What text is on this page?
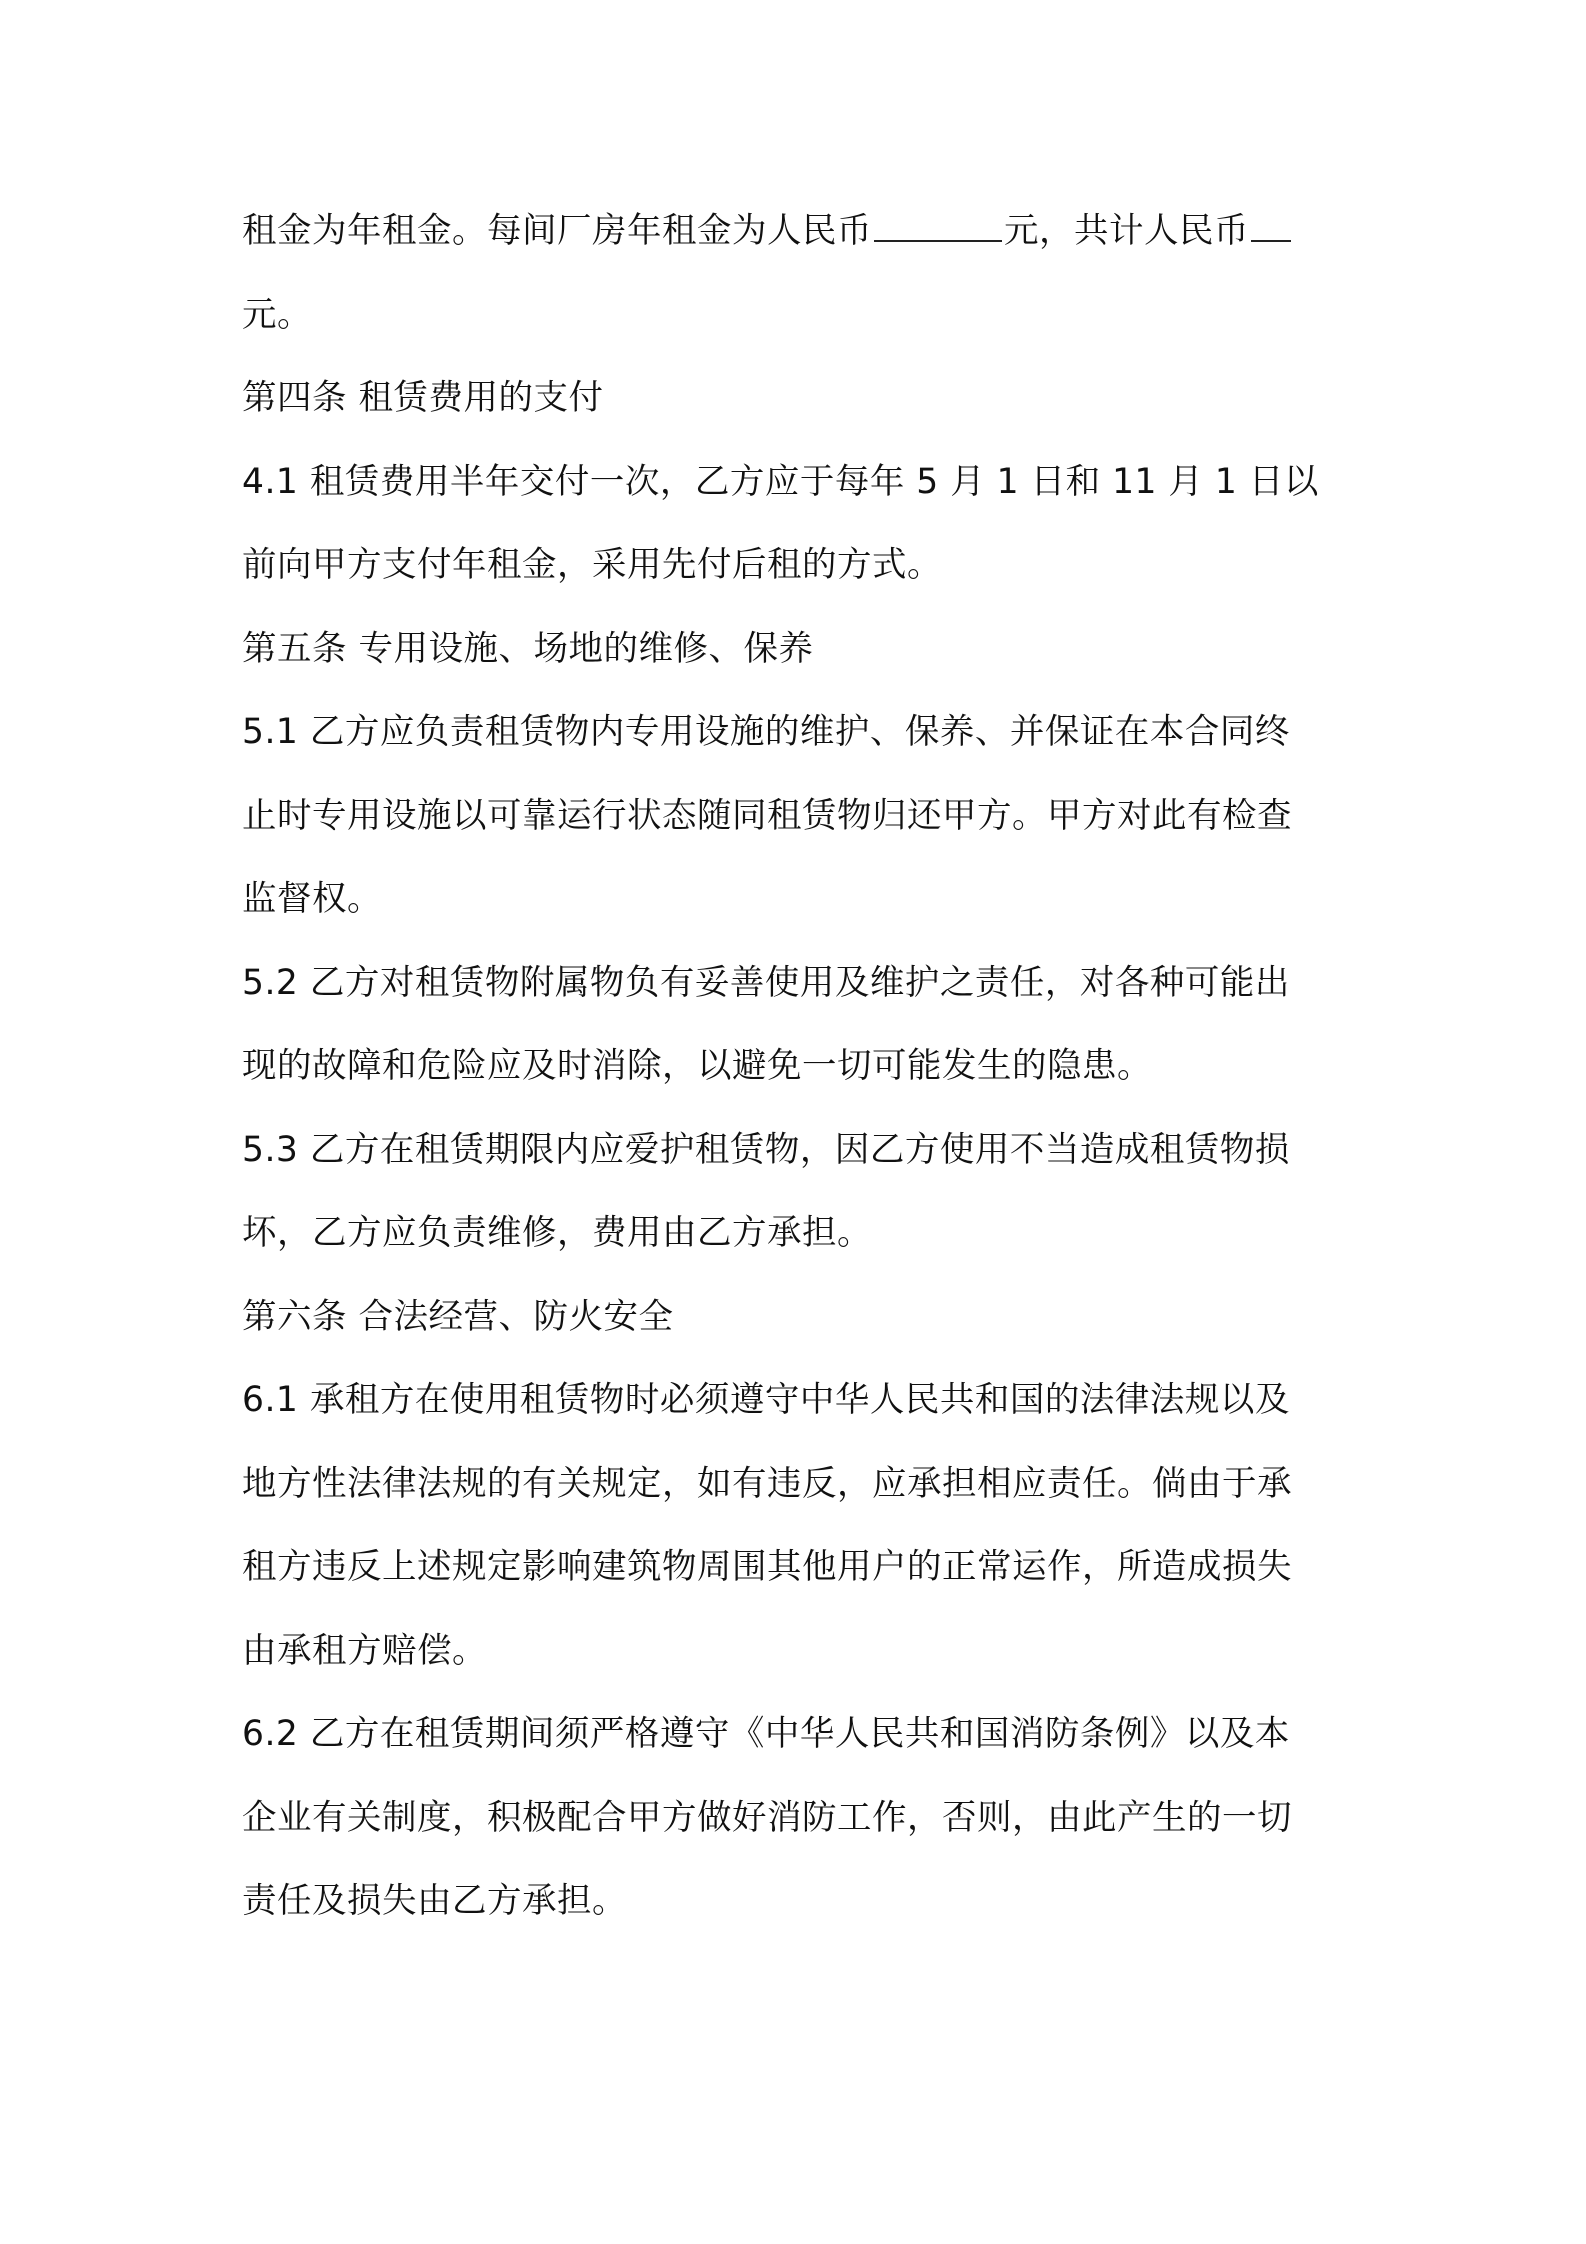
租金为年租金。每间厂房年租金为人民币	元，共计人民币
元。
第四条 租赁费用的支付
4.1 租赁费用半年交付一次，乙方应于每年 5 月 1 日和 11 月 1 日以
前向甲方支付年租金，采用先付后租的方式。
第五条 专用设施、场地的维修、保养
5.1 乙方应负责租赁物内专用设施的维护、保养、并保证在本合同终
止时专用设施以可靠运行状态随同租赁物归还甲方。甲方对此有检查
监督权。
5.2 乙方对租赁物附属物负有妥善使用及维护之责任，对各种可能出
现的故障和危险应及时消除，以避免一切可能发生的隐患。
5.3 乙方在租赁期限内应爱护租赁物，因乙方使用不当造成租赁物损
坏，乙方应负责维修，费用由乙方承担。
第六条 合法经营、防火安全
6.1 承租方在使用租赁物时必须遵守中华人民共和国的法律法规以及
地方性法律法规的有关规定，如有违反，应承担相应责任。倘由于承
租方违反上述规定影响建筑物周围其他用户的正常运作，所造成损失
由承租方赔偿。
6.2 乙方在租赁期间须严格遵守《中华人民共和国消防条例》以及本
企业有关制度，积极配合甲方做好消防工作，否则，由此产生的一切
责任及损失由乙方承担。
